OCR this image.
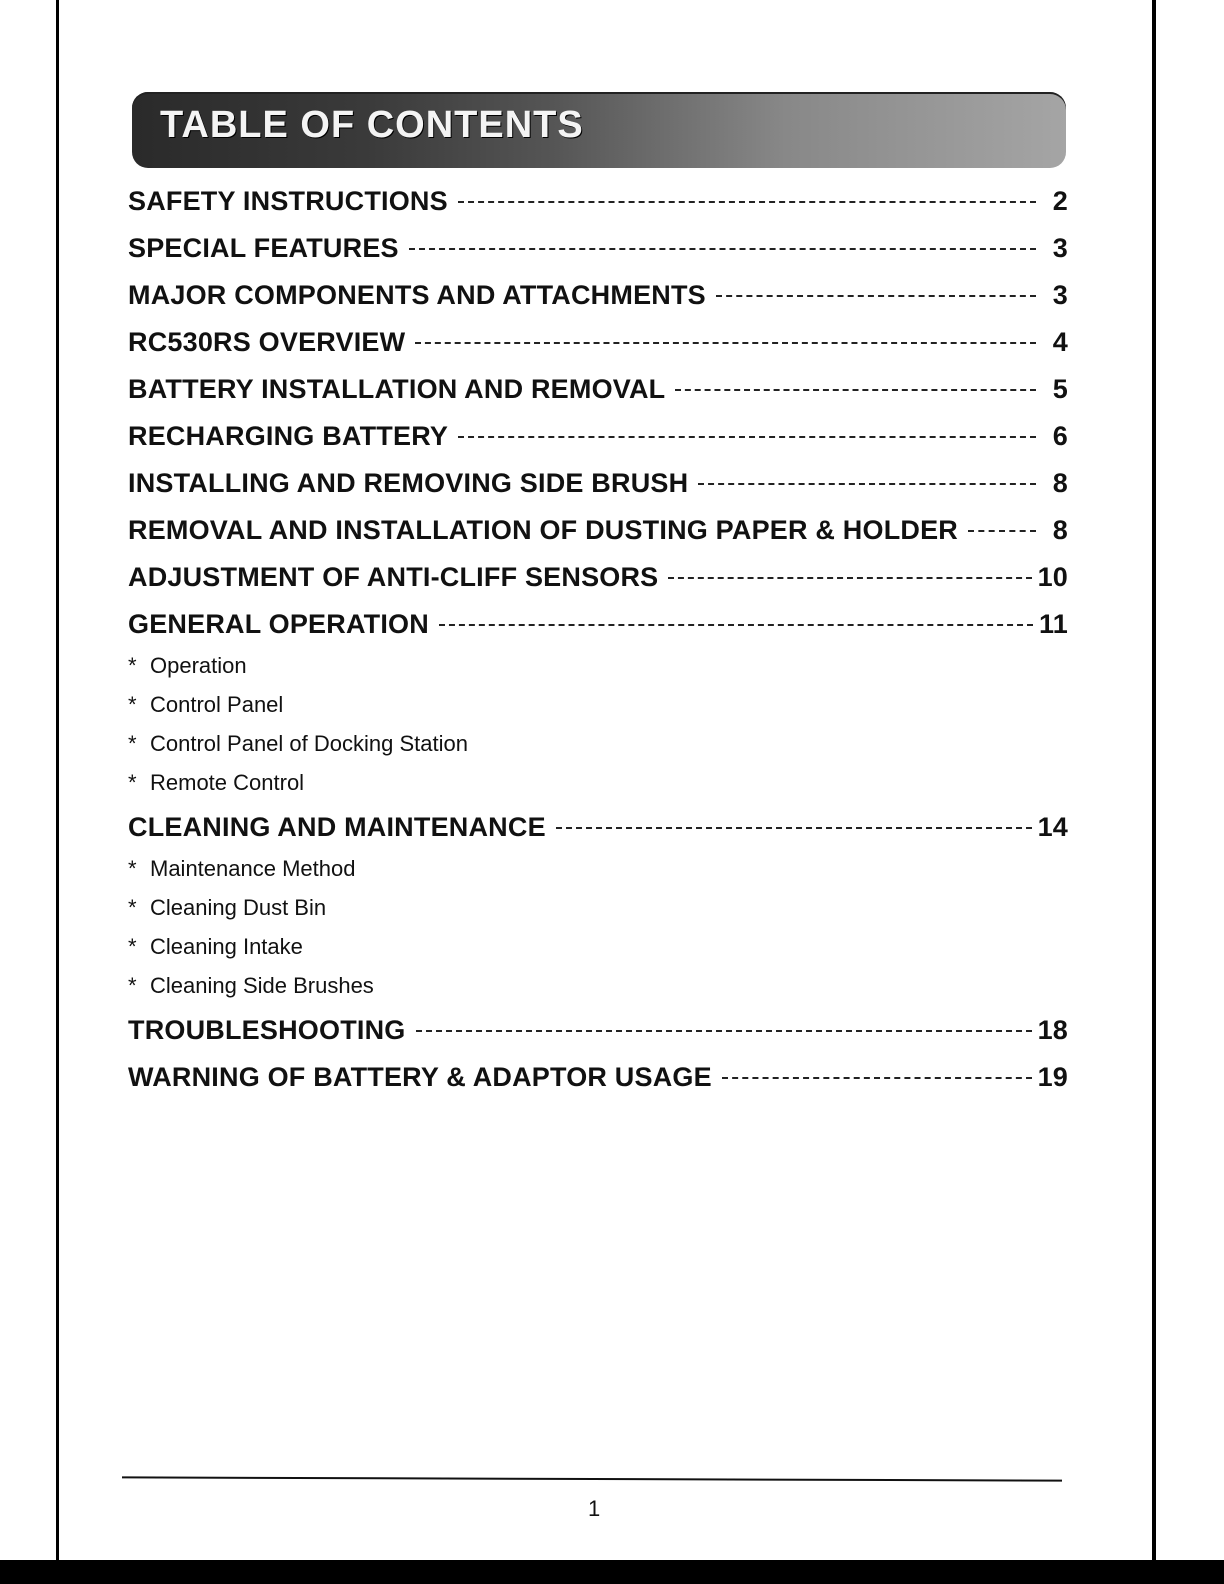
TABLE OF CONTENTS
SAFETY INSTRUCTIONS	2
SPECIAL FEATURES	3
MAJOR COMPONENTS AND ATTACHMENTS	3
RC530RS OVERVIEW	4
BATTERY INSTALLATION AND REMOVAL	5
RECHARGING BATTERY	6
INSTALLING AND REMOVING SIDE BRUSH	8
REMOVAL AND INSTALLATION OF DUSTING PAPER & HOLDER	8
ADJUSTMENT OF ANTI-CLIFF SENSORS	10
GENERAL OPERATION	11
* Operation
* Control Panel
* Control Panel of Docking Station
* Remote Control
CLEANING AND MAINTENANCE	14
* Maintenance Method
* Cleaning Dust Bin
* Cleaning Intake
* Cleaning Side Brushes
TROUBLESHOOTING	18
WARNING OF BATTERY & ADAPTOR USAGE	19
1
